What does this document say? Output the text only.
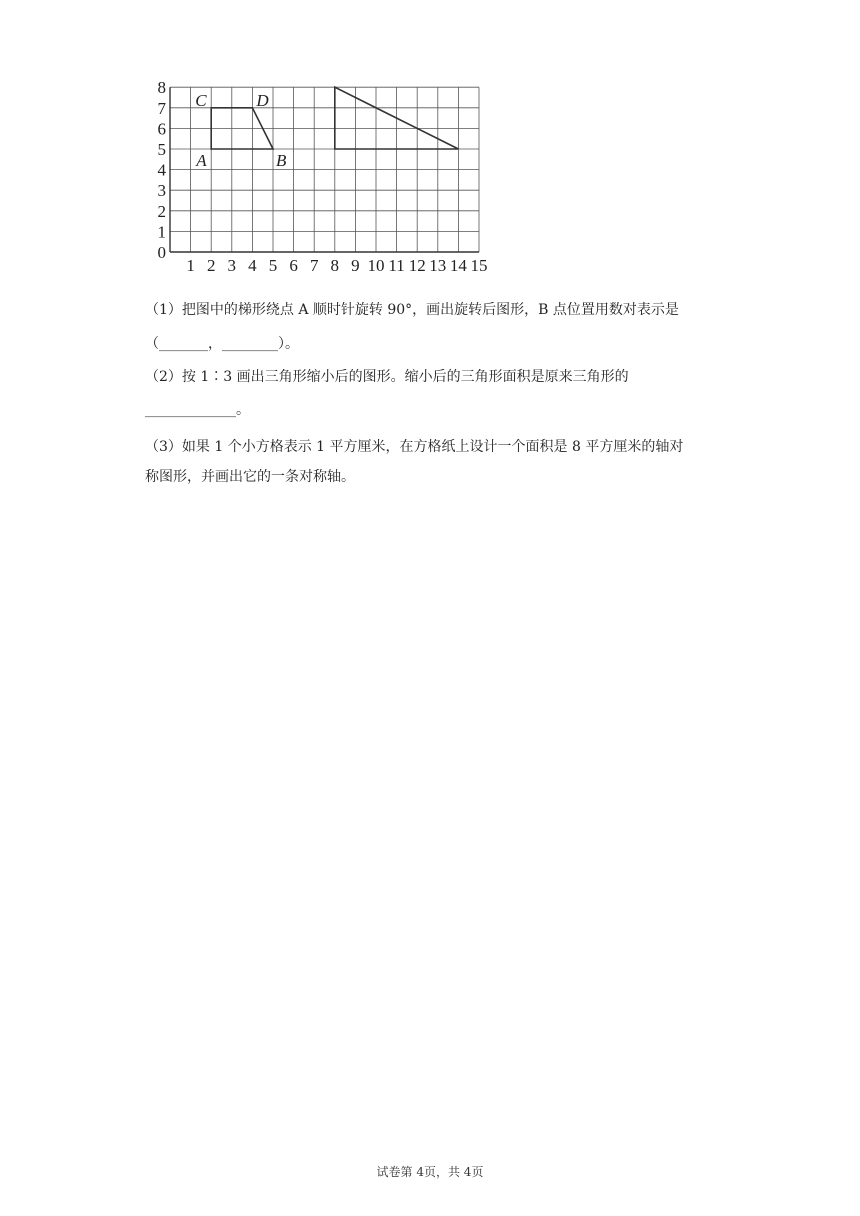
0
1
2
3
4
5
6
7
8
1 2 3 4 5 6 7 8 9 10 11 12 13 14 15
A	B
C	D
（1）把图中的梯形绕点 A 顺时针旋转 90°，画出旋转后图形，B 点位置用数对表示是
（_______，________）。
（2）按 1∶3 画出三角形缩小后的图形。缩小后的三角形面积是原来三角形的
_____________。
（3）如果 1 个小方格表示 1 平方厘米，在方格纸上设计一个面积是 8 平方厘米的轴对
称图形，并画出它的一条对称轴。
试卷第 4页，共 4页
